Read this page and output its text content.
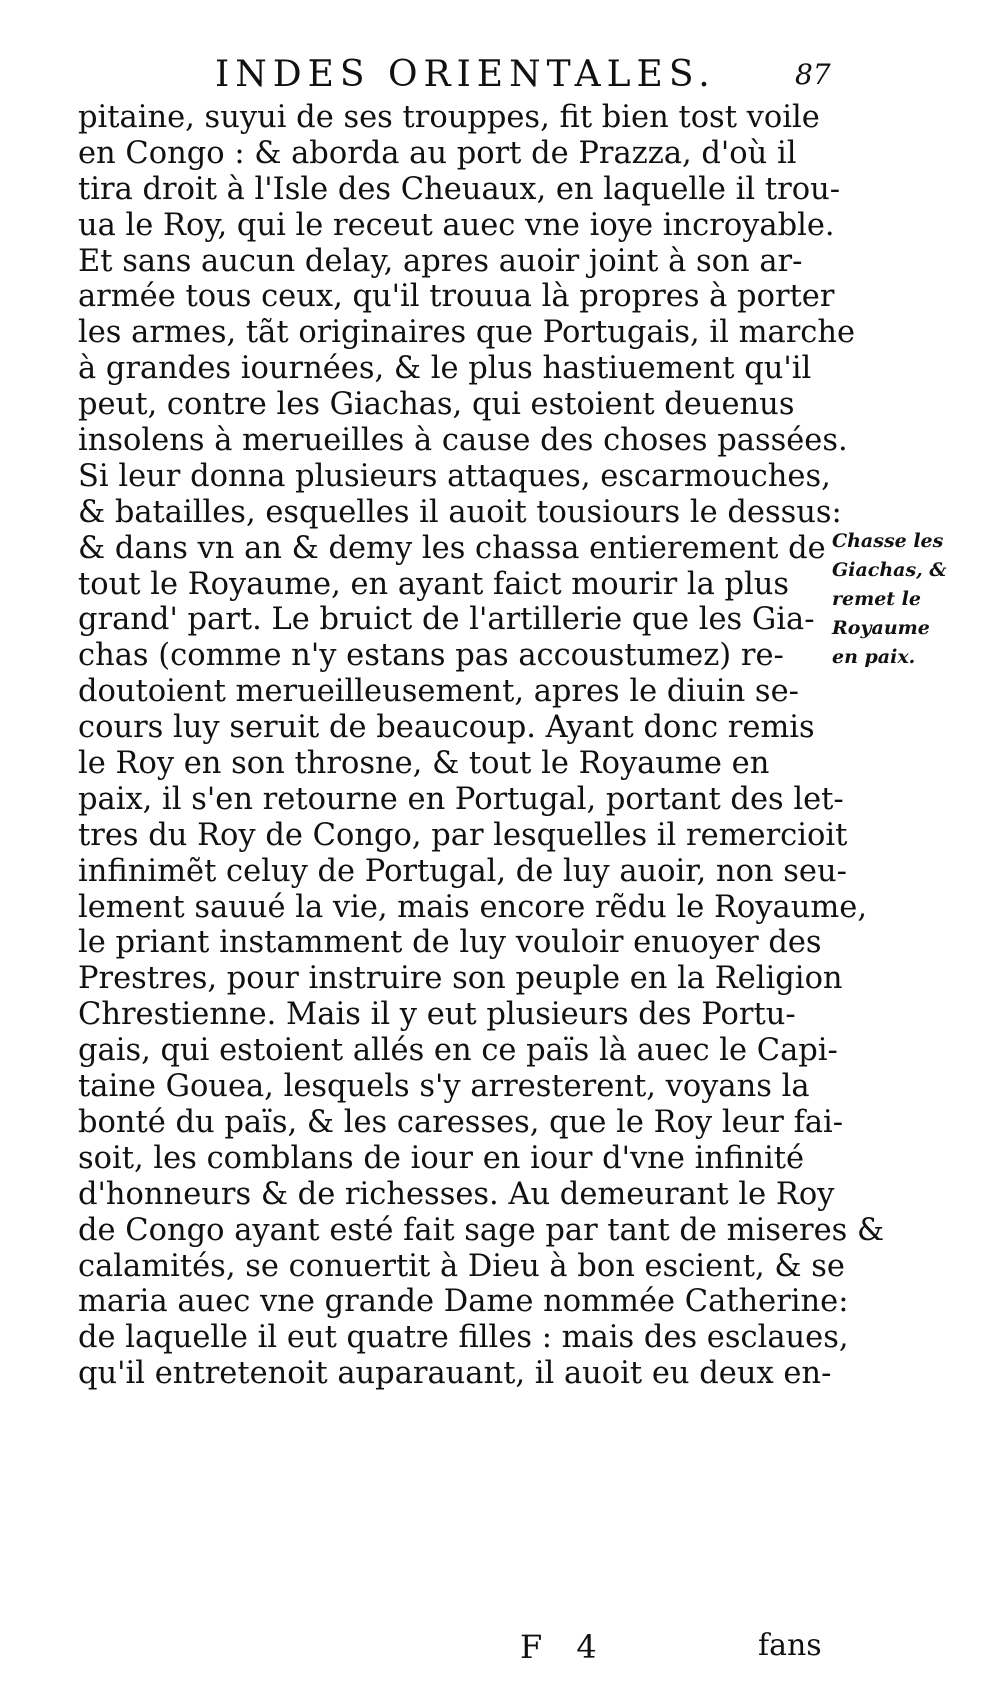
INDES ORIENTALES.	87
pitaine, suyui de ses trouppes, fit bien tost voile
en Congo : & aborda au port de Prazza, d'où il
tira droit à l'Isle des Cheuaux, en laquelle il trou-
ua le Roy, qui le receut auec vne ioye incroyable.
Et sans aucun delay, apres auoir joint à son ar-
armée tous ceux, qu'il trouua là propres à porter
les armes, tãt originaires que Portugais, il marche
à grandes iournées, & le plus hastiuement qu'il
peut, contre les Giachas, qui estoient deuenus
insolens à merueilles à cause des choses passées.
Si leur donna plusieurs attaques, escarmouches,
& batailles, esquelles il auoit tousiours le dessus:
& dans vn an & demy les chassa entierement de
tout le Royaume, en ayant faict mourir la plus
grand' part. Le bruict de l'artillerie que les Gia-
chas (comme n'y estans pas accoustumez) re-
doutoient merueilleusement, apres le diuin se-
cours luy seruit de beaucoup. Ayant donc remis
le Roy en son throsne, & tout le Royaume en
paix, il s'en retourne en Portugal, portant des let-
tres du Roy de Congo, par lesquelles il remercioit
infinimẽt celuy de Portugal, de luy auoir, non seu-
lement sauué la vie, mais encore rẽdu le Royaume,
le priant instamment de luy vouloir enuoyer des
Prestres, pour instruire son peuple en la Religion
Chrestienne. Mais il y eut plusieurs des Portu-
gais, qui estoient allés en ce païs là auec le Capi-
taine Gouea, lesquels s'y arresterent, voyans la
bonté du païs, & les caresses, que le Roy leur fai-
soit, les comblans de iour en iour d'vne infinité
d'honneurs & de richesses. Au demeurant le Roy
de Congo ayant esté fait sage par tant de miseres &
calamités, se conuertit à Dieu à bon escient, & se
maria auec vne grande Dame nommée Catherine:
de laquelle il eut quatre filles : mais des esclaues,
qu'il entretenoit auparauant, il auoit eu deux en-
Chasse les
Giachas, &
remet le
Royaume
en paix.
F 4	fans
